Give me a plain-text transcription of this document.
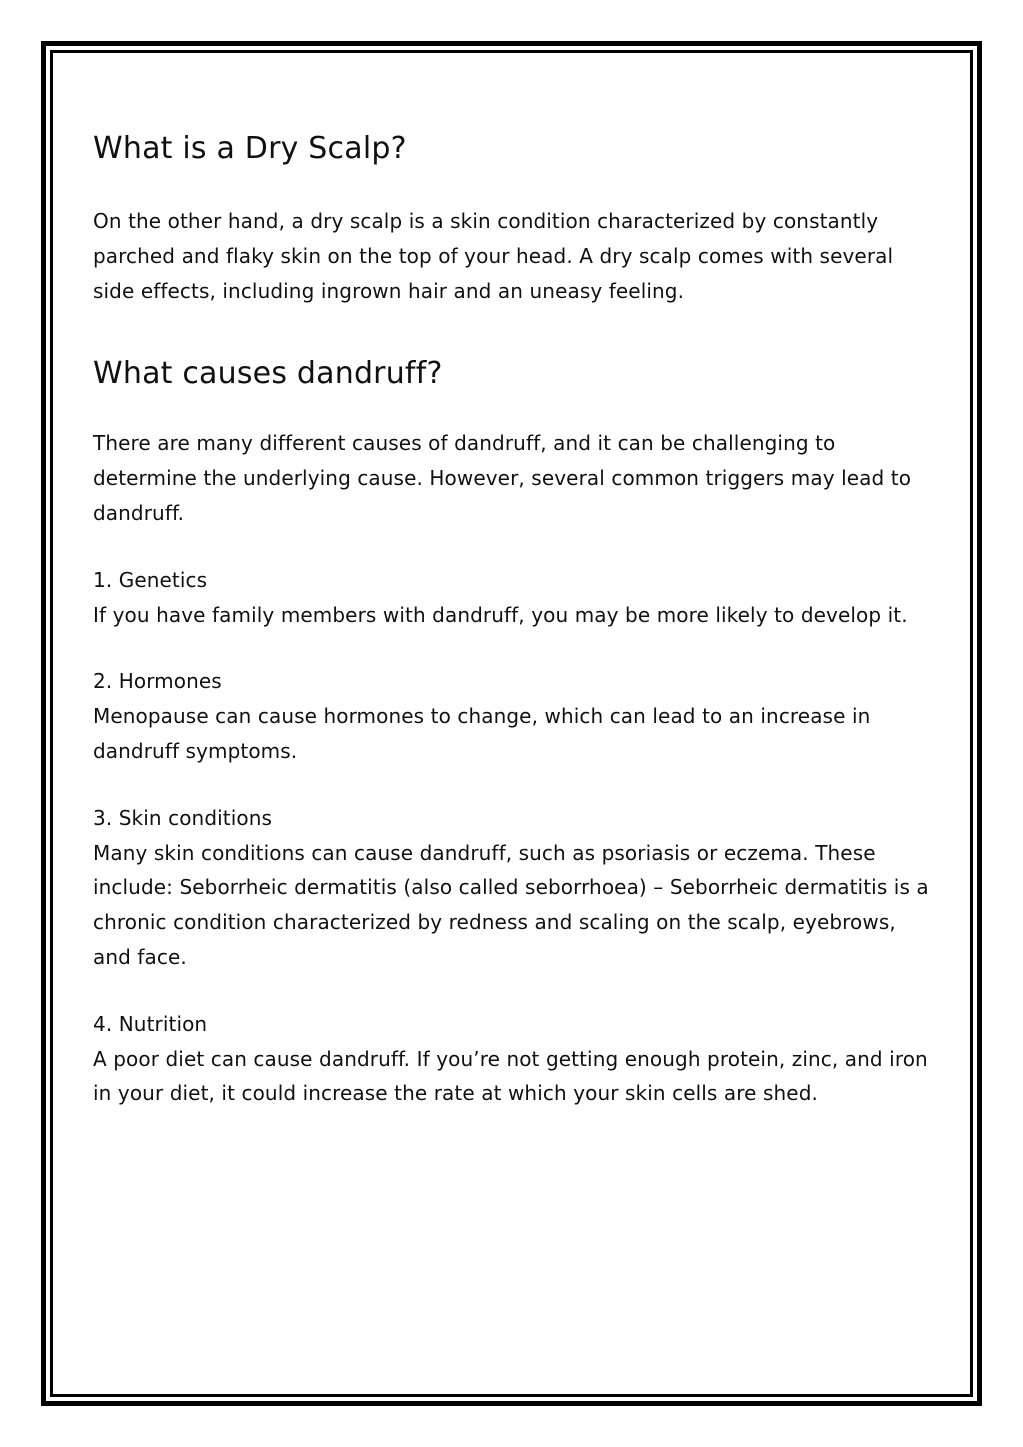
What is a Dry Scalp?

On the other hand, a dry scalp is a skin condition characterized by constantly parched and flaky skin on the top of your head. A dry scalp comes with several side effects, including ingrown hair and an uneasy feeling.

What causes dandruff?

There are many different causes of dandruff, and it can be challenging to determine the underlying cause. However, several common triggers may lead to dandruff.

1. Genetics

If you have family members with dandruff, you may be more likely to develop it.

2. Hormones

Menopause can cause hormones to change, which can lead to an increase in dandruff symptoms.

3. Skin conditions

Many skin conditions can cause dandruff, such as psoriasis or eczema. These include: Seborrheic dermatitis (also called seborrhoea) – Seborrheic dermatitis is a chronic condition characterized by redness and scaling on the scalp, eyebrows, and face.

4. Nutrition

A poor diet can cause dandruff. If you’re not getting enough protein, zinc, and iron in your diet, it could increase the rate at which your skin cells are shed.
